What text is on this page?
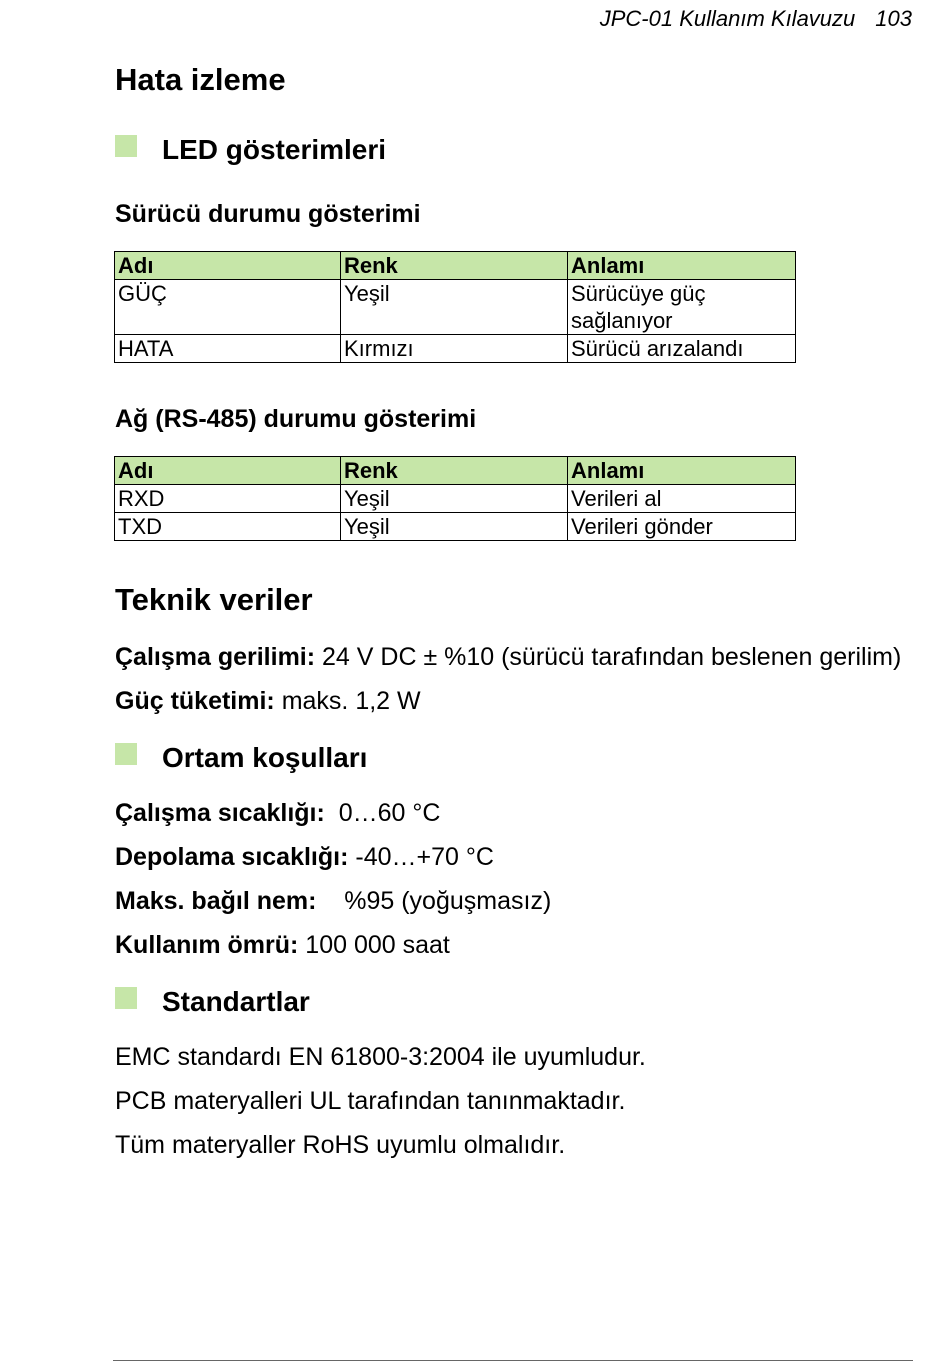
JPC-01 Kullanım Kılavuzu 103
Hata izleme
LED gösterimleri
Sürücü durumu gösterimi
Adı	Renk	Anlamı
GÜÇ	Yeşil	Sürücüye güç sağlanıyor
HATA	Kırmızı	Sürücü arızalandı
Ağ (RS-485) durumu gösterimi
Adı	Renk	Anlamı
RXD	Yeşil	Verileri al
TXD	Yeşil	Verileri gönder
Teknik veriler
Çalışma gerilimi: 24 V DC ± %10 (sürücü tarafından beslenen gerilim)
Güç tüketimi: maks. 1,2 W
Ortam koşulları
Çalışma sıcaklığı: 0…60 °C
Depolama sıcaklığı: -40…+70 °C
Maks. bağıl nem: %95 (yoğuşmasız)
Kullanım ömrü: 100 000 saat
Standartlar
EMC standardı EN 61800-3:2004 ile uyumludur.
PCB materyalleri UL tarafından tanınmaktadır.
Tüm materyaller RoHS uyumlu olmalıdır.
